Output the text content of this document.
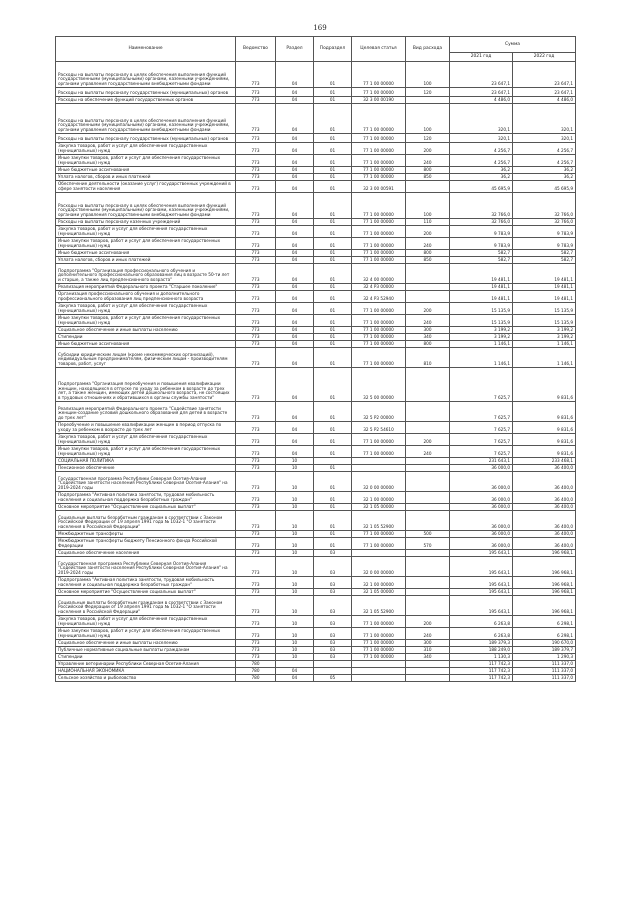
169
Наименование	Ведомство	Раздел	Подраздел	Целевая статья	Вид расхода	Сумма	
						2021 год	2022 год
Расходы на выплаты персоналу в целях обеспечения выполнения функций государственными (муниципальными) органами, казенными учреждениями, органами управления государственными внебюджетными фондами	773	04	01	77 1 00 00000	100	23 647,1	23 647,1
Расходы на выплаты персоналу государственных (муниципальных) органов	773	04	01	77 1 00 00000	120	23 647,1	23 647,1
Расходы на обеспечение функций государственных органов	773	04	01	32 3 00 00190		4 486,0	4 486,0
Расходы на выплаты персоналу в целях обеспечения выполнения функций государственными (муниципальными) органами, казенными учреждениями, органами управления государственными внебюджетными фондами	773	04	01	77 1 00 00000	100	320,1	320,1
Расходы на выплаты персоналу государственных (муниципальных) органов	773	04	01	77 1 00 00000	120	320,1	320,1
Закупка товаров, работ и услуг для обеспечения государственных (муниципальных) нужд	773	04	01	77 1 00 00000	200	4 256,7	4 256,7
Иные закупки товаров, работ и услуг для обеспечения государственных (муниципальных) нужд	773	04	01	77 1 00 00000	240	4 256,7	4 256,7
Иные бюджетные ассигнования	773	04	01	77 1 00 00000	800	36,2	36,2
Уплата налогов, сборов и иных платежей	773	04	01	77 1 00 00000	850	36,2	36,2
Обеспечение деятельности (оказание услуг) государственных учреждений в сфере занятости населения	773	04	01	32 3 00 00591		45 695,9	45 695,9
Расходы на выплаты персоналу в целях обеспечения выполнения функций государственными (муниципальными) органами, казенными учреждениями, органами управления государственными внебюджетными фондами	773	04	01	77 1 00 00000	100	32 766,0	32 766,0
Расходы на выплаты персоналу казенных учреждений	773	04	01	77 1 00 00000	110	32 766,0	32 766,0
Закупка товаров, работ и услуг для обеспечения государственных (муниципальных) нужд	773	04	01	77 1 00 00000	200	9 783,9	9 783,9
Иные закупки товаров, работ и услуг для обеспечения государственных (муниципальных) нужд	773	04	01	77 1 00 00000	240	9 783,9	9 783,9
Иные бюджетные ассигнования	773	04	01	77 1 00 00000	800	582,7	582,7
Уплата налогов, сборов и иных платежей	773	04	01	77 1 00 00000	850	582,7	582,7
Подпрограмма "Организация профессионального обучения и дополнительного профессионального образования лиц в возрасте 50-ти лет и старше, а также лиц предпенсионного возраста"	773	04	01	32 4 00 00000		19 481,1	19 481,1
Реализация мероприятий Федерального проекта "Старшее поколение"	773	04	01	32 4 P3 00000		19 481,1	19 481,1
Организация профессионального обучения и дополнительного профессионального образования лиц предпенсионного возраста	773	04	01	32 4 P3 52940		19 481,1	19 481,1
Закупка товаров, работ и услуг для обеспечения государственных (муниципальных) нужд	773	04	01	77 1 00 00000	200	15 135,9	15 135,9
Иные закупки товаров, работ и услуг для обеспечения государственных (муниципальных) нужд	773	04	01	77 1 00 00000	240	15 135,9	15 135,9
Социальное обеспечение и иные выплаты населению	773	04	01	77 1 00 00000	300	3 199,2	3 199,2
Стипендии	773	04	01	77 1 00 00000	340	3 199,2	3 199,2
Иные бюджетные ассигнования	773	04	01	77 1 00 00000	800	1 146,1	1 146,1
Субсидии юридическим лицам (кроме некоммерческих организаций), индивидуальным предпринимателям, физическим лицам - производителям товаров, работ, услуг	773	04	01	77 1 00 00000	810	1 146,1	1 146,1
Подпрограмма "Организация переобучения и повышения квалификации женщин, находящихся в отпуске по уходу за ребенком в возрасте до трех лет, а также женщин, имеющих детей дошкольного возраста, не состоящих в трудовых отношениях и обратившихся в органы службы занятости"	773	04	01	32 5 00 00000		7 625,7	9 831,6
Реализация мероприятий Федерального проекта "Содействие занятости женщин-создание условий дошкольного образования для детей в возрасте до трех лет"	773	04	01	32 5 P2 00000		7 625,7	9 831,6
Переобучение и повышение квалификации женщин в период отпуска по уходу за ребенком в возрасте до трех лет	773	04	01	32 5 P2 54610		7 625,7	9 831,6
Закупка товаров, работ и услуг для обеспечения государственных (муниципальных) нужд	773	04	01	77 1 00 00000	200	7 625,7	9 831,6
Иные закупки товаров, работ и услуг для обеспечения государственных (муниципальных) нужд	773	04	01	77 1 00 00000	240	7 625,7	9 831,6
СОЦИАЛЬНАЯ ПОЛИТИКА	773	10				231 643,1	233 468,1
Пенсионное обеспечение	773	10	01			36 000,0	36 400,0
Государственная программа Республики Северная Осетия-Алания "Содействие занятости населения Республики Северная Осетия-Алания" на 2019-2024 годы	773	10	01	32 0 00 00000		36 000,0	36 400,0
Подпрограмма "Активная политика занятости, трудовая мобильность населения и социальная поддержка безработных граждан"	773	10	01	32 1 00 00000		36 000,0	36 400,0
Основное мероприятие "Осуществление социальных выплат"	773	10	01	32 1 05 00000		36 000,0	36 400,0
Социальные выплаты безработным гражданам в соответствии с Законом Российской Федерации от 19 апреля 1991 года № 1032-1 "О занятости населения в Российской Федерации"	773	10	01	32 1 05 52900		36 000,0	36 400,0
Межбюджетные трансферты	773	10	01	77 1 00 00000	500	36 000,0	36 400,0
Межбюджетные трансферты бюджету Пенсионного фонда Российской Федерации	773	10	01	77 1 00 00000	570	36 000,0	36 400,0
Социальное обеспечение населения	773	10	03			195 643,1	196 968,1
Государственная программа Республики Северная Осетия-Алания "Содействие занятости населения Республики Северная Осетия-Алания" на 2019-2024 годы	773	10	03	32 0 00 00000		195 643,1	196 968,1
Подпрограмма "Активная политика занятости, трудовая мобильность населения и социальная поддержка безработных граждан"	773	10	03	32 1 00 00000		195 643,1	196 968,1
Основное мероприятие "Осуществление социальных выплат"	773	10	03	32 1 05 00000		195 643,1	196 968,1
Социальные выплаты безработным гражданам в соответствии с Законом Российской Федерации от 19 апреля 1991 года № 1032-1 "О занятости населения в Российской Федерации"	773	10	03	32 1 05 52900		195 643,1	196 968,1
Закупка товаров, работ и услуг для обеспечения государственных (муниципальных) нужд	773	10	03	77 1 00 00000	200	6 263,8	6 298,1
Иные закупки товаров, работ и услуг для обеспечения государственных (муниципальных) нужд	773	10	03	77 1 00 00000	240	6 263,8	6 298,1
Социальное обеспечение и иные выплаты населению	773	10	03	77 1 00 00000	300	189 379,3	190 670,0
Публичные нормативные социальные выплаты гражданам	773	10	03	77 1 00 00000	310	188 249,0	189 379,7
Стипендии	773	10	03	77 1 00 00000	340	1 130,3	1 290,3
Управление ветеринарии Республики Северная Осетия-Алания	780					117 742,3	111 337,0
НАЦИОНАЛЬНАЯ ЭКОНОМИКА	780	04				117 742,3	111 337,0
Сельское хозяйство и рыболовство	780	04	05			117 742,3	111 337,0
